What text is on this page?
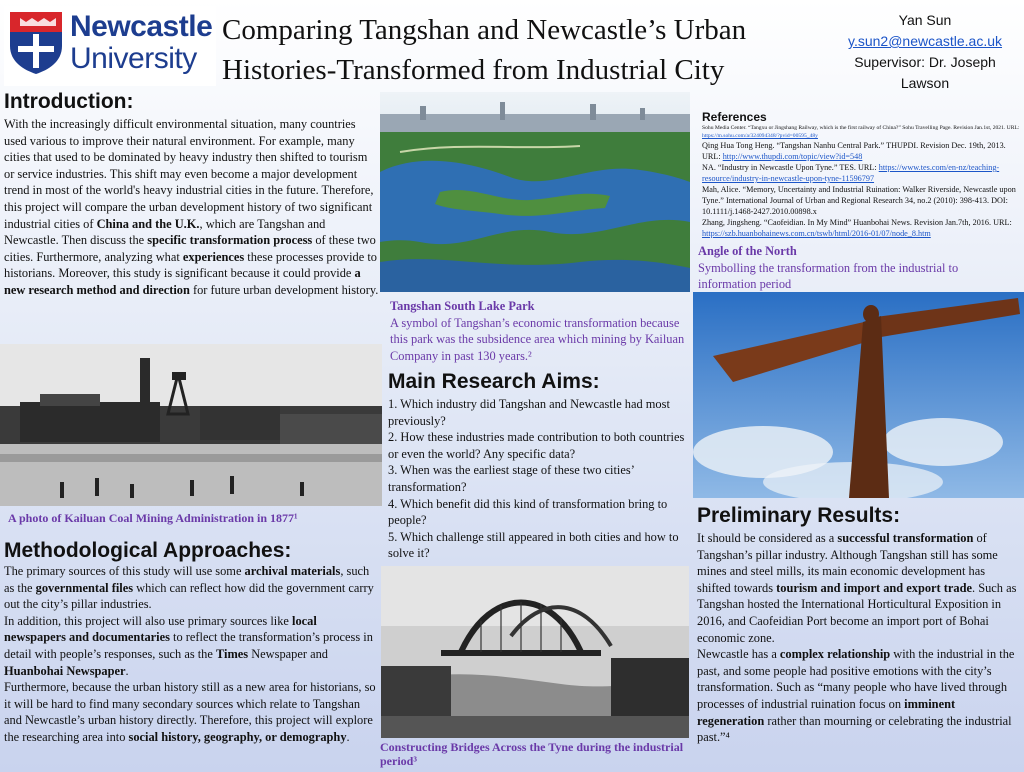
Newcastle
University
Comparing Tangshan and Newcastle’s Urban Histories-Transformed from Industrial City
Yan Sun
y.sun2@newcastle.ac.uk
Supervisor: Dr. Joseph Lawson
Introduction:
With the increasingly difficult environmental situation, many countries used various to improve their natural environment. For example, many cities that used to be dominated by heavy industry then shifted to tourism or service industries. This shift may even become a major development trend in most of the world's heavy industrial cities in the future. Therefore, this project will compare the urban development history of two significant industrial cities of China and the U.K., which are Tangshan and Newcastle. Then discuss the specific transformation process of these two cities. Furthermore, analyzing what experiences these processes provide to historians. Moreover, this study is significant because it could provide a new research method and direction for future urban development history.
A photo of Kailuan Coal Mining Administration in 1877¹
Methodological Approaches:
The primary sources of this study will use some archival materials, such as the governmental files which can reflect how did the government carry out the city’s pillar industries.
In addition, this project will also use primary sources like local newspapers and documentaries to reflect the transformation’s process in detail with people’s responses, such as the Times Newspaper and Huanbohai Newspaper.
Furthermore, because the urban history still as a new area for historians, so it will be hard to find many secondary sources which relate to Tangshan and Newcastle’s urban history directly. Therefore, this project will explore the researching area into social history, geography, or demography.
Tangshan South Lake Park
A symbol of Tangshan’s economic transformation because this park was the subsidence area which mining by Kailuan Company in past 130 years.²
Main Research Aims:
1. Which industry did Tangshan and Newcastle had most previously?
2. How these industries made contribution to both countries or even the world? Any specific data?
3. When was the earliest stage of these two cities’ transformation?
4. Which benefit did this kind of transformation bring to people?
5. Which challenge still appeared in both cities and how to solve it?
Constructing Bridges Across the Tyne during the industrial period³
References
Sohu Media Center. “Tangxu or Jingshang Railway, which is the first railway of China?” Sohu Travelling Page. Revision Jan.1st, 2021. URL: https://m.sohu.com/a/324094348/?pvid=00595_48y
Qing Hua Tong Heng. “Tangshan Nanhu Central Park.” THUPDI. Revision Dec. 19th, 2013. URL: http://www.thupdi.com/topic/view?id=548
NA. “Industry in Newcastle Upon Tyne.” TES. URL: https://www.tes.com/en-nz/teaching-resource/industry-in-newcastle-upon-tyne-11596797
Mah, Alice. “Memory, Uncertainty and Industrial Ruination: Walker Riverside, Newcastle upon Tyne.” International Journal of Urban and Regional Research 34, no.2 (2010): 398-413. DOI: 10.1111/j.1468-2427.2010.00898.x
Zhang, Jingsheng. “Caofeidian. In My Mind” Huanbohai News. Revision Jan.7th, 2016. URL: https://szb.huanbohainews.com.cn/tswb/html/2016-01/07/node_8.htm
Angle of the North
Symbolling the transformation from the industrial to information period
Preliminary Results:
It should be considered as a successful transformation of Tangshan’s pillar industry. Although Tangshan still has some mines and steel mills, its main economic development has shifted towards tourism and import and export trade. Such as Tangshan hosted the International Horticultural Exposition in 2016, and Caofeidian Port become an import port of Bohai economic zone.
Newcastle has a complex relationship with the industrial in the past, and some people had positive emotions with the city’s transformation. Such as “many people who have lived through processes of industrial ruination focus on imminent regeneration rather than mourning or celebrating the industrial past.”⁴
